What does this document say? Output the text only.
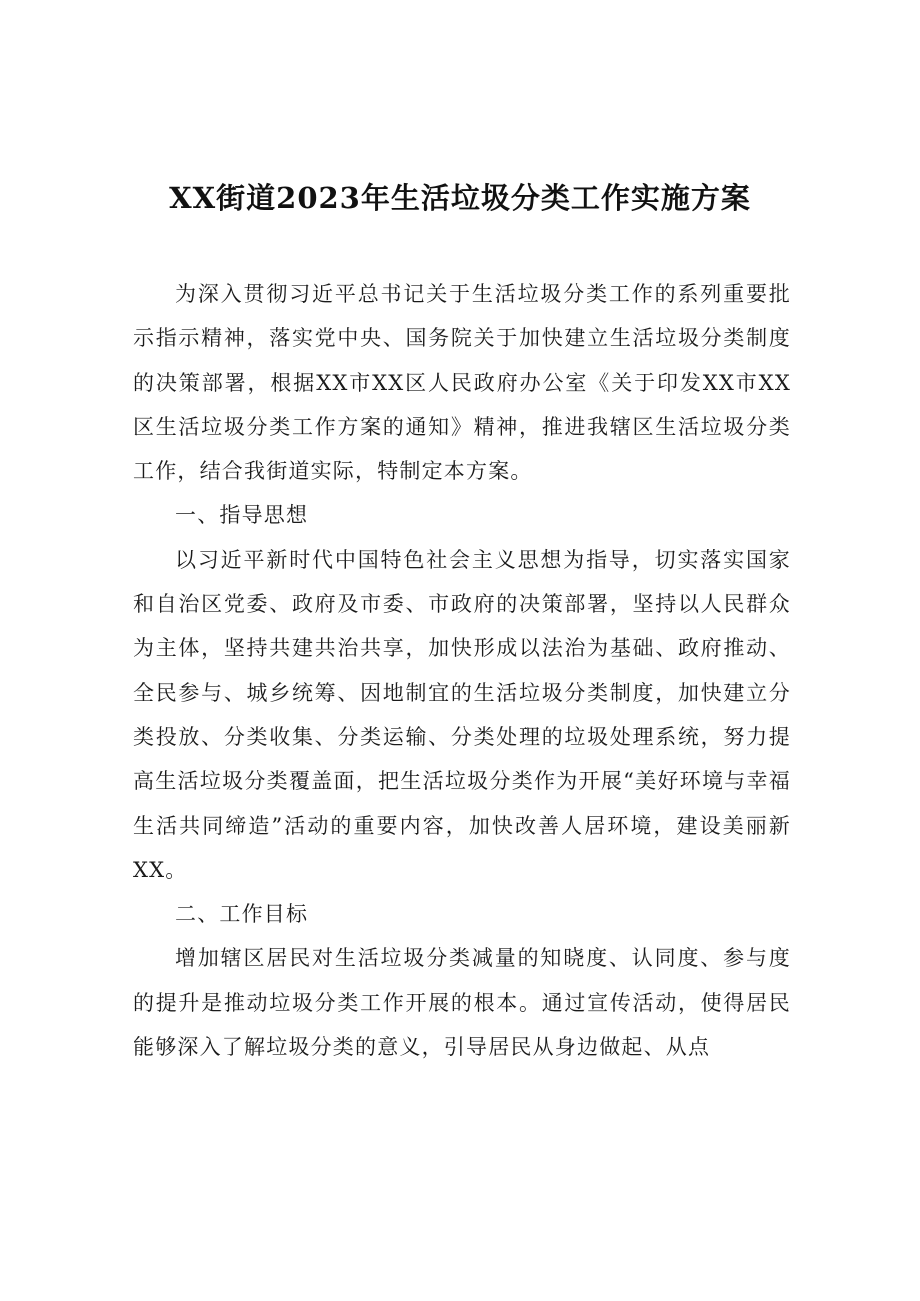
XX街道2023年生活垃圾分类工作实施方案

为深入贯彻习近平总书记关于生活垃圾分类工作的系列重要批示指示精神，落实党中央、国务院关于加快建立生活垃圾分类制度的决策部署，根据XX市XX区人民政府办公室《关于印发XX市XX区生活垃圾分类工作方案的通知》精神，推进我辖区生活垃圾分类工作，结合我街道实际，特制定本方案。

一、指导思想

以习近平新时代中国特色社会主义思想为指导，切实落实国家和自治区党委、政府及市委、市政府的决策部署，坚持以人民群众为主体，坚持共建共治共享，加快形成以法治为基础、政府推动、全民参与、城乡统筹、因地制宜的生活垃圾分类制度，加快建立分类投放、分类收集、分类运输、分类处理的垃圾处理系统，努力提高生活垃圾分类覆盖面，把生活垃圾分类作为开展“美好环境与幸福生活共同缔造”活动的重要内容，加快改善人居环境，建设美丽新XX。

二、工作目标

增加辖区居民对生活垃圾分类减量的知晓度、认同度、参与度的提升是推动垃圾分类工作开展的根本。通过宣传活动，使得居民能够深入了解垃圾分类的意义，引导居民从身边做起、从点
